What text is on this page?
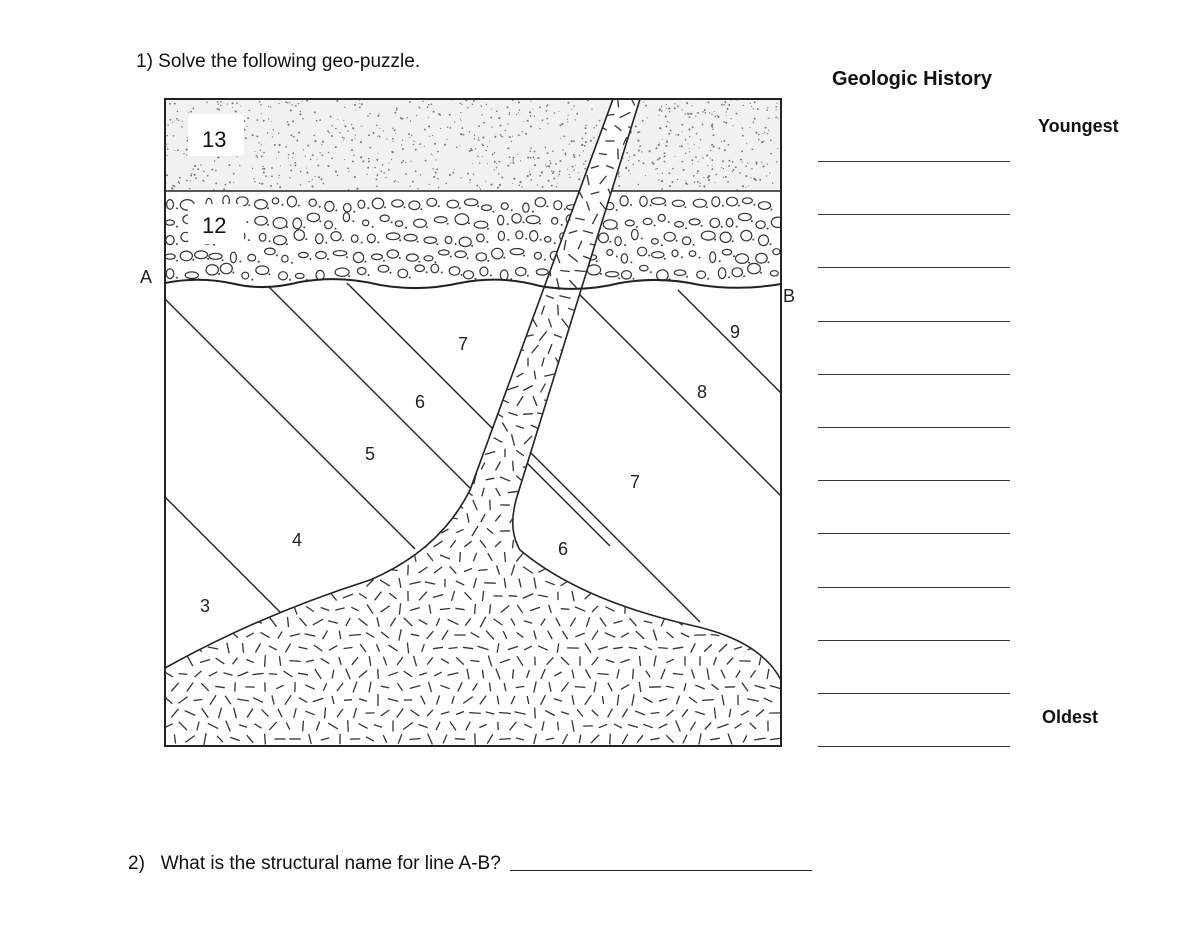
1) Solve the following geo-puzzle.
Geologic History
Youngest
Oldest
2) What is the structural name for line A-B?
13
12
A
B
9
8
7
7
6
6
5
4
3
